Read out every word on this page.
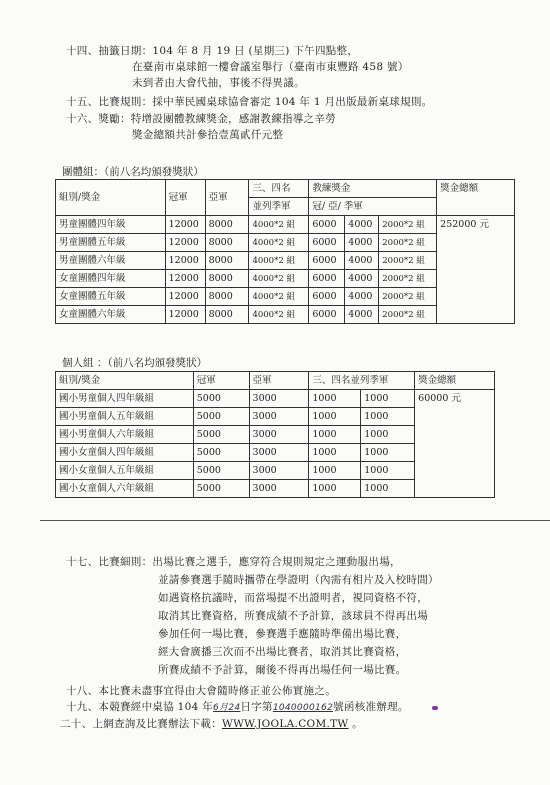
十四、抽籤日期：104 年 8 月 19 日 (星期三) 下午四點整，
在臺南市桌球館一樓會議室舉行（臺南市東豐路 458 號）
未到者由大會代抽，事後不得異議。
十五、比賽規則：採中華民國桌球協會審定 104 年 1 月出版最新桌球規則。
十六、獎勵：特增設團體教練獎金，感謝教練指導之辛勞
獎金總額共計參拾壹萬貳仟元整
團體組：（前八名均頒發獎狀）
組別/獎金	冠軍	亞軍	三、四名	教練獎金			獎金總額
			並列季軍	冠/ 亞/ 季軍			
男童團體四年級	12000	8000	4000*2 組	6000	4000	2000*2 組	252000 元
男童團體五年級	12000	8000	4000*2 組	6000	4000	2000*2 組	
男童團體六年級	12000	8000	4000*2 組	6000	4000	2000*2 組	
女童團體四年級	12000	8000	4000*2 組	6000	4000	2000*2 組	
女童團體五年級	12000	8000	4000*2 組	6000	4000	2000*2 組	
女童團體六年級	12000	8000	4000*2 組	6000	4000	2000*2 組	
個人組 ：（前八名均頒發獎狀）
組別/獎金	冠軍	亞軍	三、四名並列季軍		獎金總額
國小男童個人四年級組	5000	3000	1000	1000	60000 元
國小男童個人五年級組	5000	3000	1000	1000	
國小男童個人六年級組	5000	3000	1000	1000	
國小女童個人四年級組	5000	3000	1000	1000	
國小女童個人五年級組	5000	3000	1000	1000	
國小女童個人六年級組	5000	3000	1000	1000	
十七、比賽細則：出場比賽之選手，應穿符合規則規定之運動服出場，
並請參賽選手隨時攜帶在學證明（內需有相片及入校時間）
如遇資格抗議時，而當場提不出證明者，視同資格不符，
取消其比賽資格，所賽成績不予計算，該球員不得再出場
參加任何一場比賽，參賽選手應隨時準備出場比賽，
經大會廣播三次而不出場比賽者，取消其比賽資格，
所賽成績不予計算，爾後不得再出場任何一場比賽。
十八、本比賽未盡事宜得由大會隨時修正並公佈實施之。
十九、本競賽經中桌協 104 年6月24日字第1040000162號函核准辦理。
二十、上網查詢及比賽辦法下載：WWW.JOOLA.COM.TW 。
